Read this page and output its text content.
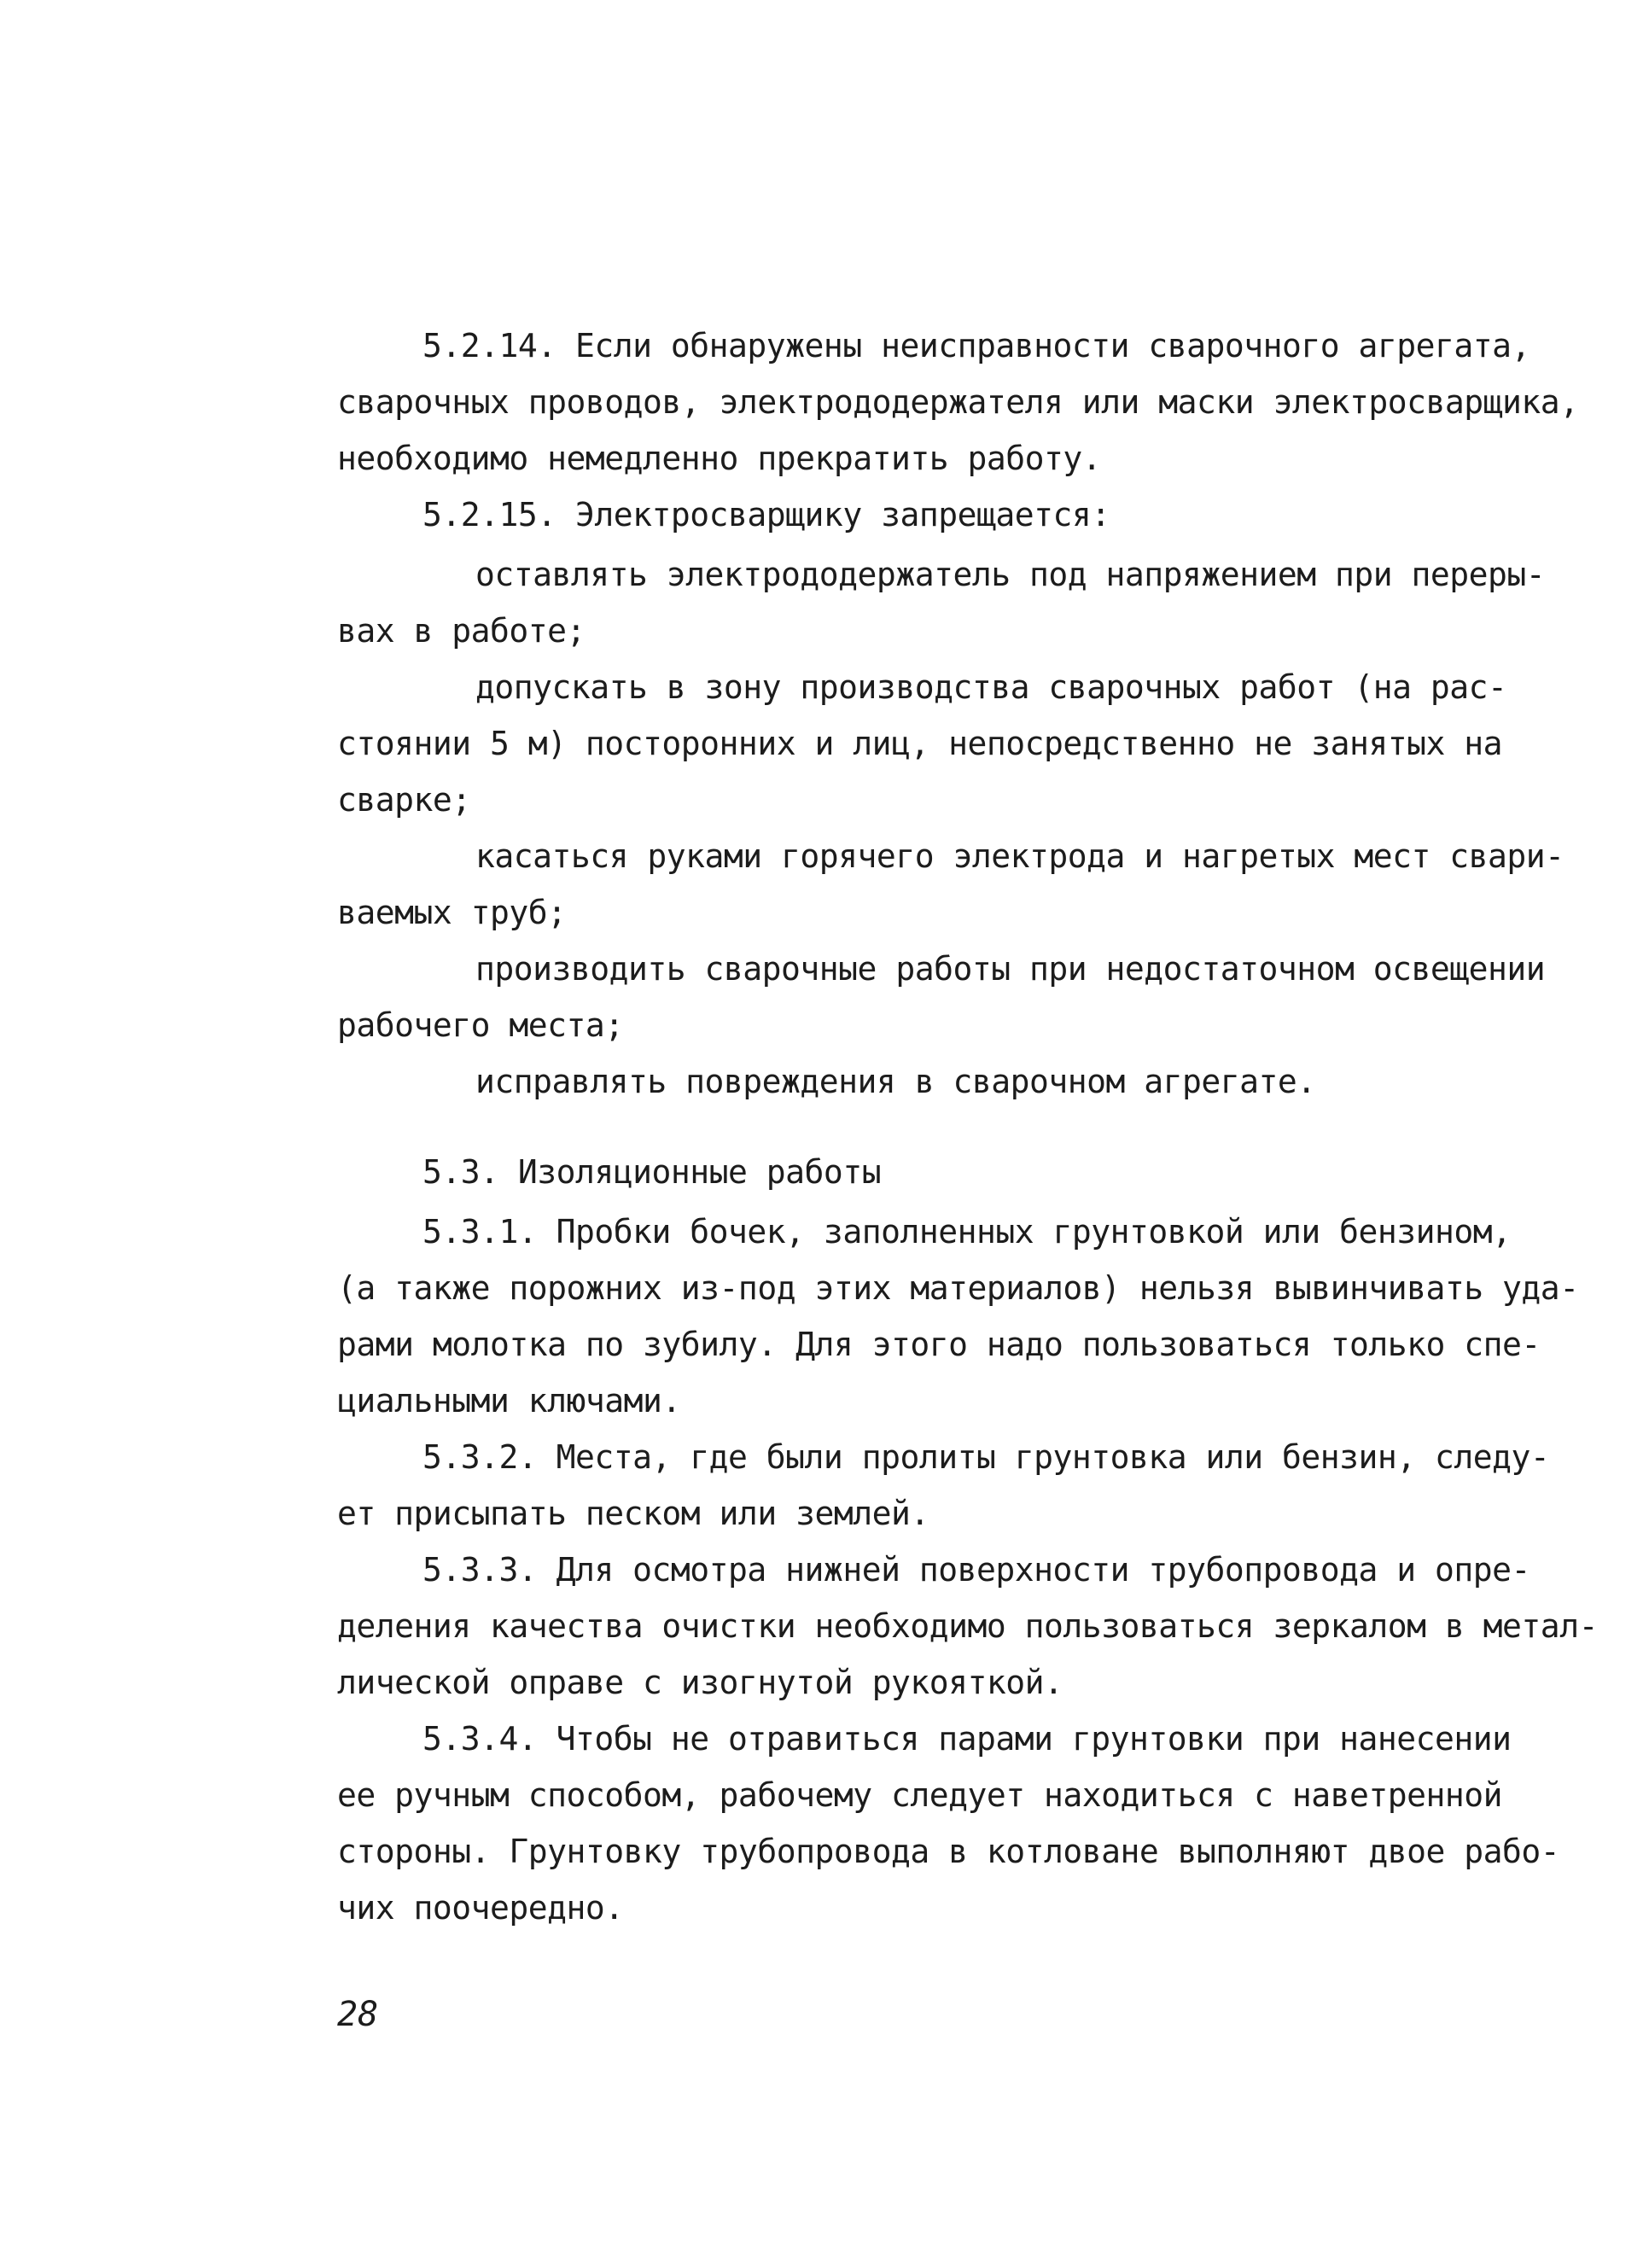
5.2.14. Если обнаружены неисправности сварочного агрегата,
сварочных проводов, электрододержателя или маски электросварщика,
необходимо немедленно прекратить работу.
5.2.15. Электросварщику запрещается:
оставлять электрододержатель под напряжением при переры-
вах в работе;
допускать в зону производства сварочных работ (на рас-
стоянии 5 м) посторонних и лиц, непосредственно не занятых на
сварке;
касаться руками горячего электрода и нагретых мест свари-
ваемых труб;
производить сварочные работы при недостаточном освещении
рабочего места;
исправлять повреждения в сварочном агрегате.
5.3. Изоляционные работы
5.3.1. Пробки бочек, заполненных грунтовкой или бензином,
(а также порожних из-под этих материалов) нельзя вывинчивать уда-
рами молотка по зубилу. Для этого надо пользоваться только спе-
циальными ключами.
5.3.2. Места, где были пролиты грунтовка или бензин, следу-
ет присыпать песком или землей.
5.3.3. Для осмотра нижней поверхности трубопровода и опре-
деления качества очистки необходимо пользоваться зеркалом в метал-
лической оправе с изогнутой рукояткой.
5.3.4. Чтобы не отравиться парами грунтовки при нанесении
ее ручным способом, рабочему следует находиться с наветренной
стороны. Грунтовку трубопровода в котловане выполняют двое рабо-
чих поочередно.
28
